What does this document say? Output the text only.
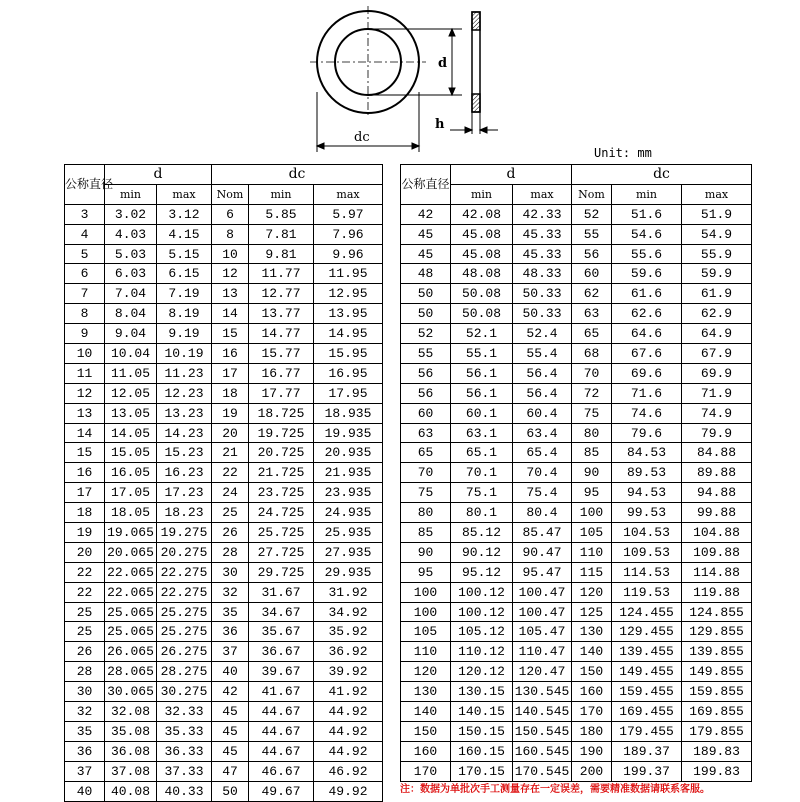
dc
d
h
Unit: mm
公称直径	d		dc		
	min	max	Nom	min	max
3	3.02	3.12	6	5.85	5.97
4	4.03	4.15	8	7.81	7.96
5	5.03	5.15	10	9.81	9.96
6	6.03	6.15	12	11.77	11.95
7	7.04	7.19	13	12.77	12.95
8	8.04	8.19	14	13.77	13.95
9	9.04	9.19	15	14.77	14.95
10	10.04	10.19	16	15.77	15.95
11	11.05	11.23	17	16.77	16.95
12	12.05	12.23	18	17.77	17.95
13	13.05	13.23	19	18.725	18.935
14	14.05	14.23	20	19.725	19.935
15	15.05	15.23	21	20.725	20.935
16	16.05	16.23	22	21.725	21.935
17	17.05	17.23	24	23.725	23.935
18	18.05	18.23	25	24.725	24.935
19	19.065	19.275	26	25.725	25.935
20	20.065	20.275	28	27.725	27.935
22	22.065	22.275	30	29.725	29.935
22	22.065	22.275	32	31.67	31.92
25	25.065	25.275	35	34.67	34.92
25	25.065	25.275	36	35.67	35.92
26	26.065	26.275	37	36.67	36.92
28	28.065	28.275	40	39.67	39.92
30	30.065	30.275	42	41.67	41.92
32	32.08	32.33	45	44.67	44.92
35	35.08	35.33	45	44.67	44.92
36	36.08	36.33	45	44.67	44.92
37	37.08	37.33	47	46.67	46.92
40	40.08	40.33	50	49.67	49.92
公称直径	d		dc		
	min	max	Nom	min	max
42	42.08	42.33	52	51.6	51.9
45	45.08	45.33	55	54.6	54.9
45	45.08	45.33	56	55.6	55.9
48	48.08	48.33	60	59.6	59.9
50	50.08	50.33	62	61.6	61.9
50	50.08	50.33	63	62.6	62.9
52	52.1	52.4	65	64.6	64.9
55	55.1	55.4	68	67.6	67.9
56	56.1	56.4	70	69.6	69.9
56	56.1	56.4	72	71.6	71.9
60	60.1	60.4	75	74.6	74.9
63	63.1	63.4	80	79.6	79.9
65	65.1	65.4	85	84.53	84.88
70	70.1	70.4	90	89.53	89.88
75	75.1	75.4	95	94.53	94.88
80	80.1	80.4	100	99.53	99.88
85	85.12	85.47	105	104.53	104.88
90	90.12	90.47	110	109.53	109.88
95	95.12	95.47	115	114.53	114.88
100	100.12	100.47	120	119.53	119.88
100	100.12	100.47	125	124.455	124.855
105	105.12	105.47	130	129.455	129.855
110	110.12	110.47	140	139.455	139.855
120	120.12	120.47	150	149.455	149.855
130	130.15	130.545	160	159.455	159.855
140	140.15	140.545	170	169.455	169.855
150	150.15	150.545	180	179.455	179.855
160	160.15	160.545	190	189.37	189.83
170	170.15	170.545	200	199.37	199.83
注：数据为单批次手工测量存在一定误差，需要精准数据请联系客服。
